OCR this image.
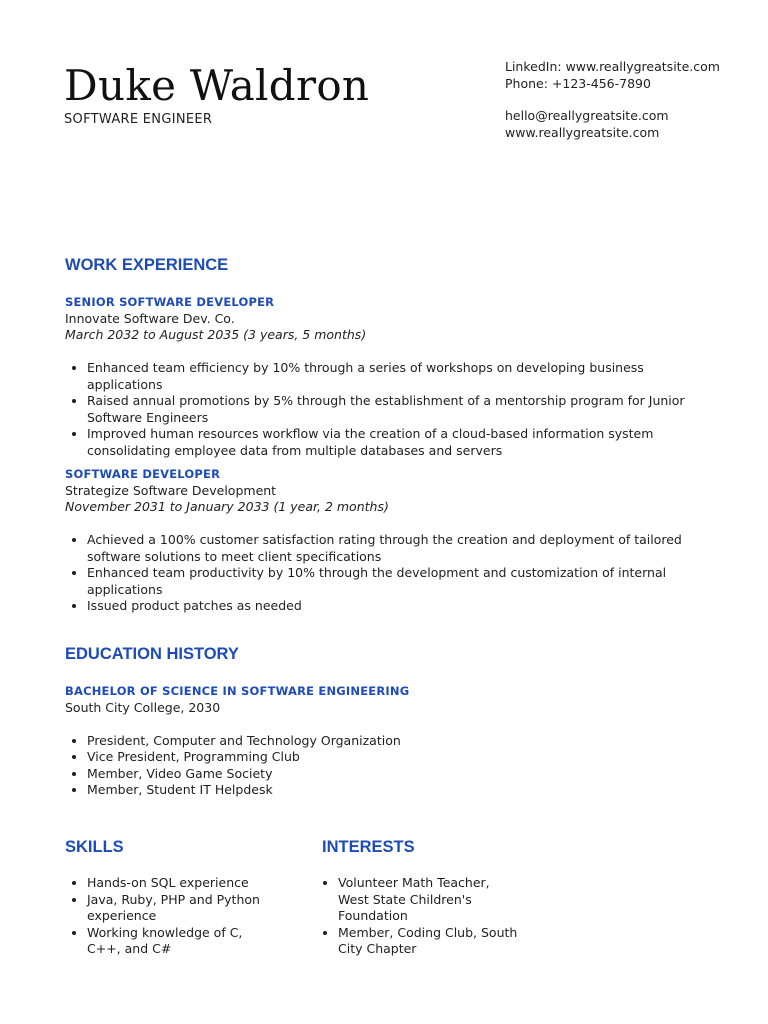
Duke Waldron
SOFTWARE ENGINEER
LinkedIn: www.reallygreatsite.com
Phone: +123-456-7890
hello@reallygreatsite.com
www.reallygreatsite.com
WORK EXPERIENCE
SENIOR SOFTWARE DEVELOPER
Innovate Software Dev. Co.
March 2032 to August 2035 (3 years, 5 months)
• Enhanced team efficiency by 10% through a series of workshops on developing business applications
• Raised annual promotions by 5% through the establishment of a mentorship program for Junior Software Engineers
• Improved human resources workflow via the creation of a cloud-based information system consolidating employee data from multiple databases and servers
SOFTWARE DEVELOPER
Strategize Software Development
November 2031 to January 2033 (1 year, 2 months)
• Achieved a 100% customer satisfaction rating through the creation and deployment of tailored software solutions to meet client specifications
• Enhanced team productivity by 10% through the development and customization of internal applications
• Issued product patches as needed
EDUCATION HISTORY
BACHELOR OF SCIENCE IN SOFTWARE ENGINEERING
South City College, 2030
• President, Computer and Technology Organization
• Vice President, Programming Club
• Member, Video Game Society
• Member, Student IT Helpdesk
SKILLS
• Hands-on SQL experience
• Java, Ruby, PHP and Python experience
• Working knowledge of C, C++, and C#
INTERESTS
• Volunteer Math Teacher, West State Children's Foundation
• Member, Coding Club, South City Chapter
